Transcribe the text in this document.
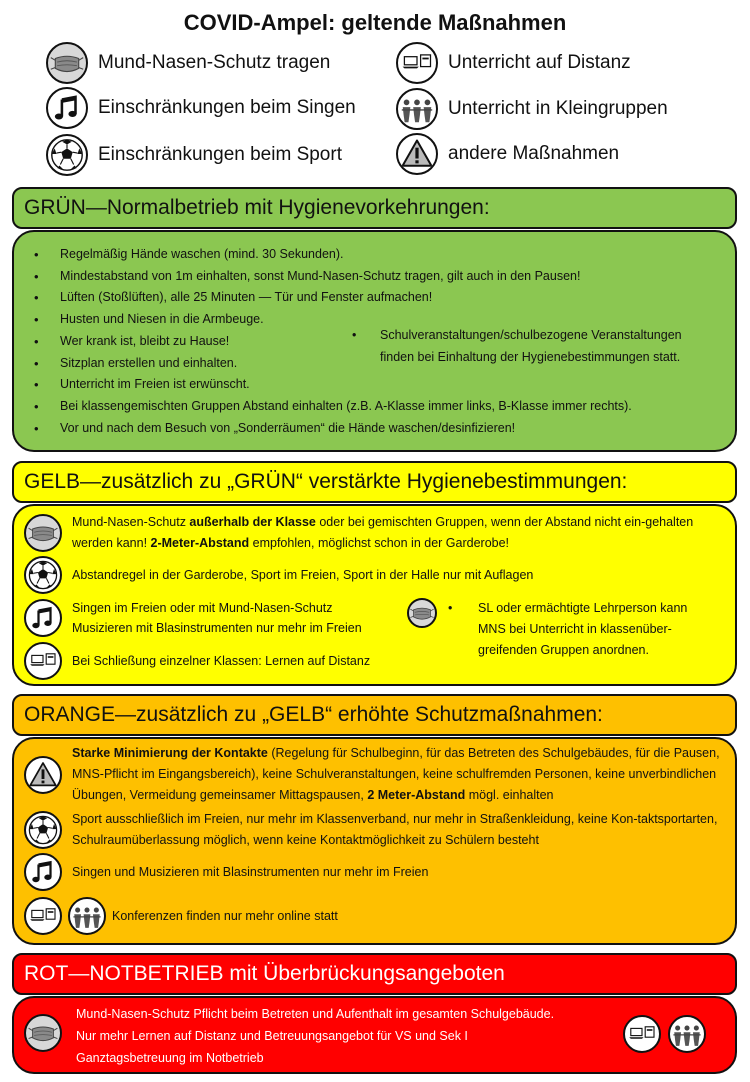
COVID-Ampel: geltende Maßnahmen
Mund-Nasen-Schutz tragen
Einschränkungen beim Singen
Einschränkungen beim Sport
Unterricht auf Distanz
Unterricht in Kleingruppen
andere Maßnahmen
GRÜN—Normalbetrieb mit Hygienevorkehrungen:
• Regelmäßig Hände waschen (mind. 30 Sekunden).
• Mindestabstand von 1m einhalten, sonst Mund-Nasen-Schutz tragen, gilt auch in den Pausen!
• Lüften (Stoßlüften), alle 25 Minuten — Tür und Fenster aufmachen!
• Husten und Niesen in die Armbeuge.
• Wer krank ist, bleibt zu Hause!
• Sitzplan erstellen und einhalten.
• Unterricht im Freien ist erwünscht.
• Bei klassengemischten Gruppen Abstand einhalten (z.B. A-Klasse immer links, B-Klasse immer rechts).
• Vor und nach dem Besuch von „Sonderräumen“ die Hände waschen/desinfizieren!
• Schulveranstaltungen/schulbezogene Veranstaltungen finden bei Einhaltung der Hygienebestimmungen statt.
GELB—zusätzlich zu „GRÜN“ verstärkte Hygienebestimmungen:
Mund-Nasen-Schutz außerhalb der Klasse oder bei gemischten Gruppen, wenn der Abstand nicht ein-gehalten werden kann! 2-Meter-Abstand empfohlen, möglichst schon in der Garderobe!
Abstandregel in der Garderobe, Sport im Freien, Sport in der Halle nur mit Auflagen
Singen im Freien oder mit Mund-Nasen-Schutz
Musizieren mit Blasinstrumenten nur mehr im Freien
Bei Schließung einzelner Klassen: Lernen auf Distanz
• SL oder ermächtigte Lehrperson kann MNS bei Unterricht in klassenüber-greifenden Gruppen anordnen.
ORANGE—zusätzlich zu „GELB“ erhöhte Schutzmaßnahmen:
Starke Minimierung der Kontakte (Regelung für Schulbeginn, für das Betreten des Schulgebäudes, für die Pausen, MNS-Pflicht im Eingangsbereich), keine Schulveranstaltungen, keine schulfremden Personen, keine unverbindlichen Übungen, Vermeidung gemeinsamer Mittagspausen, 2 Meter-Abstand mögl. einhalten
Sport ausschließlich im Freien, nur mehr im Klassenverband, nur mehr in Straßenkleidung, keine Kon-taktsportarten, Schulraumüberlassung möglich, wenn keine Kontaktmöglichkeit zu Schülern besteht
Singen und Musizieren mit Blasinstrumenten nur mehr im Freien
Konferenzen finden nur mehr online statt
ROT—NOTBETRIEB mit Überbrückungsangeboten
Mund-Nasen-Schutz Pflicht beim Betreten und Aufenthalt im gesamten Schulgebäude.
Nur mehr Lernen auf Distanz und Betreuungsangebot für VS und Sek I
Ganztagsbetreuung im Notbetrieb
